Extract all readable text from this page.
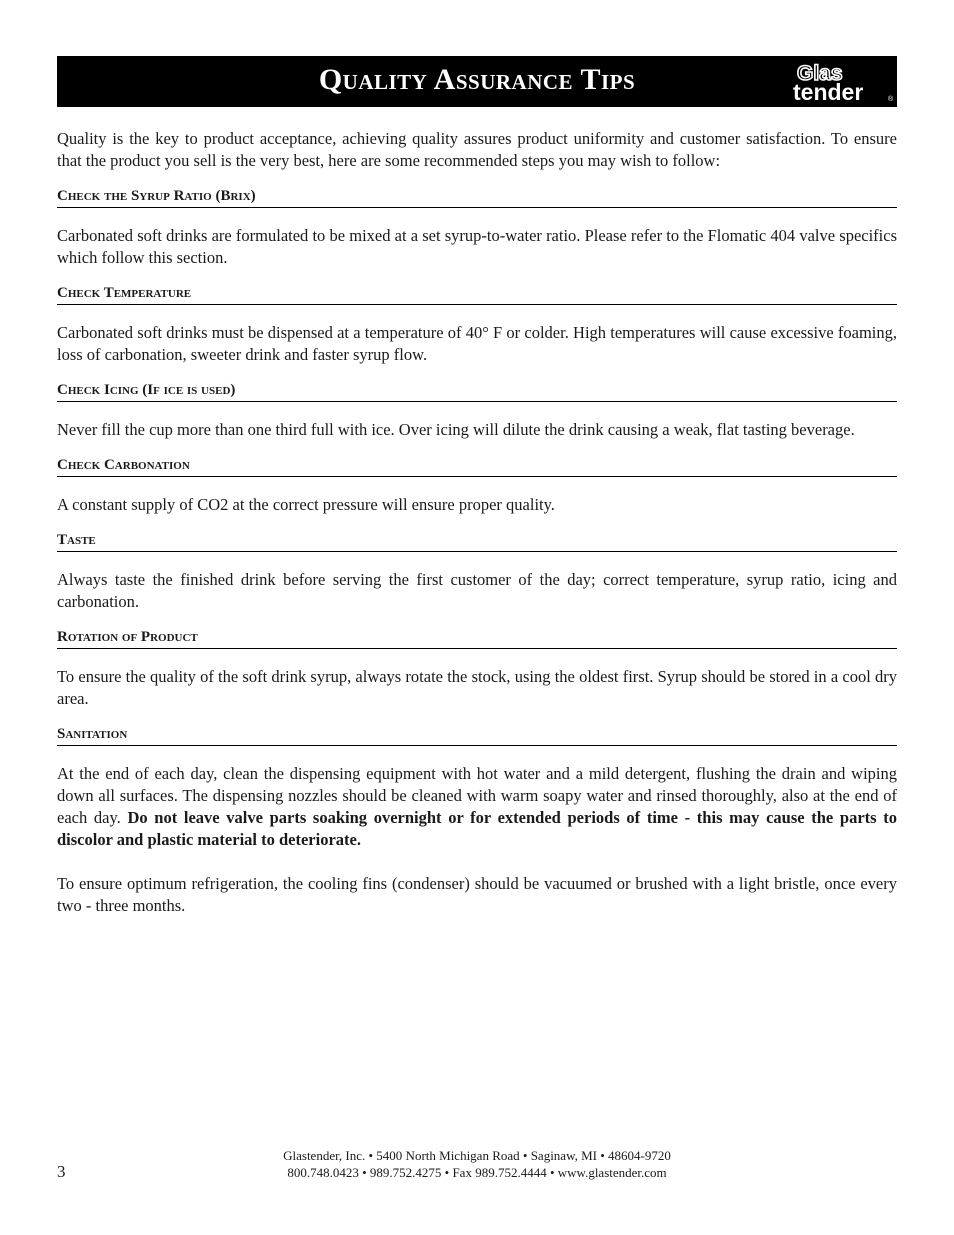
Quality Assurance Tips	Glas
tender	®
Quality is the key to product acceptance, achieving quality assures product uniformity and customer satisfaction. To ensure that the product you sell is the very best, here are some recommended steps you may wish to follow:
Check the Syrup Ratio (Brix)
Carbonated soft drinks are formulated to be mixed at a set syrup-to-water ratio. Please refer to the Flomatic 404 valve specifics which follow this section.
Check Temperature
Carbonated soft drinks must be dispensed at a temperature of 40° F or colder. High temperatures will cause excessive foaming, loss of carbonation, sweeter drink and faster syrup flow.
Check Icing (If ice is used)
Never fill the cup more than one third full with ice. Over icing will dilute the drink causing a weak, flat tasting beverage.
Check Carbonation
A constant supply of CO2 at the correct pressure will ensure proper quality.
Taste
Always taste the finished drink before serving the first customer of the day; correct temperature, syrup ratio, icing and carbonation.
Rotation of Product
To ensure the quality of the soft drink syrup, always rotate the stock, using the oldest first. Syrup should be stored in a cool dry area.
Sanitation
At the end of each day, clean the dispensing equipment with hot water and a mild detergent, flushing the drain and wiping down all surfaces. The dispensing nozzles should be cleaned with warm soapy water and rinsed thoroughly, also at the end of each day. Do not leave valve parts soaking overnight or for extended periods of time - this may cause the parts to discolor and plastic material to deteriorate.
To ensure optimum refrigeration, the cooling fins (condenser) should be vacuumed or brushed with a light bristle, once every two - three months.
3
Glastender, Inc. • 5400 North Michigan Road • Saginaw, MI • 48604-9720
800.748.0423 • 989.752.4275 • Fax 989.752.4444 • www.glastender.com
